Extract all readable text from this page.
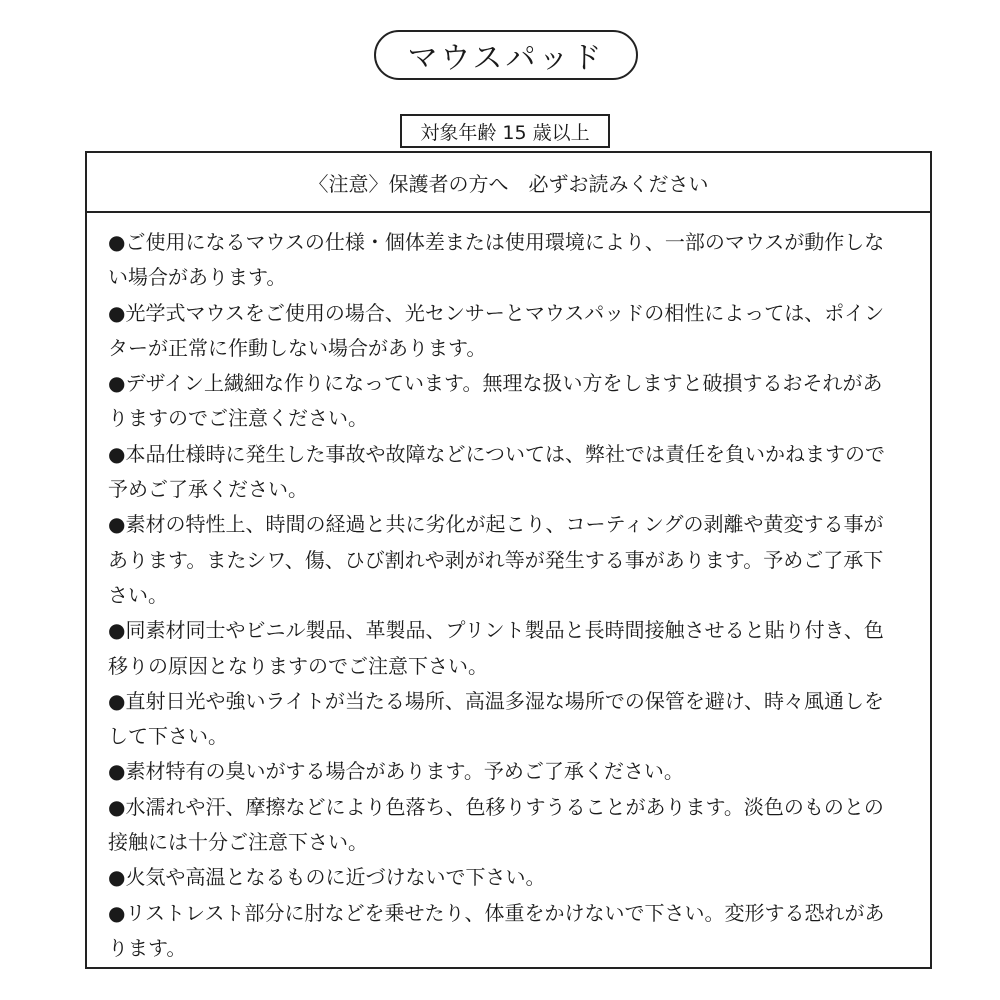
マウスパッド
対象年齢 15 歳以上
〈注意〉保護者の方へ　必ずお読みください
●ご使用になるマウスの仕様・個体差または使用環境により、一部のマウスが動作しない場合があります。
●光学式マウスをご使用の場合、光センサーとマウスパッドの相性によっては、ポインターが正常に作動しない場合があります。
●デザイン上繊細な作りになっています。無理な扱い方をしますと破損するおそれがありますのでご注意ください。
●本品仕様時に発生した事故や故障などについては、弊社では責任を負いかねますので予めご了承ください。
●素材の特性上、時間の経過と共に劣化が起こり、コーティングの剥離や黄変する事があります。またシワ、傷、ひび割れや剥がれ等が発生する事があります。予めご了承下さい。
●同素材同士やビニル製品、革製品、プリント製品と長時間接触させると貼り付き、色移りの原因となりますのでご注意下さい。
●直射日光や強いライトが当たる場所、高温多湿な場所での保管を避け、時々風通しをして下さい。
●素材特有の臭いがする場合があります。予めご了承ください。
●水濡れや汗、摩擦などにより色落ち、色移りすうることがあります。淡色のものとの接触には十分ご注意下さい。
●火気や高温となるものに近づけないで下さい。
●リストレスト部分に肘などを乗せたり、体重をかけないで下さい。変形する恐れがあります。
